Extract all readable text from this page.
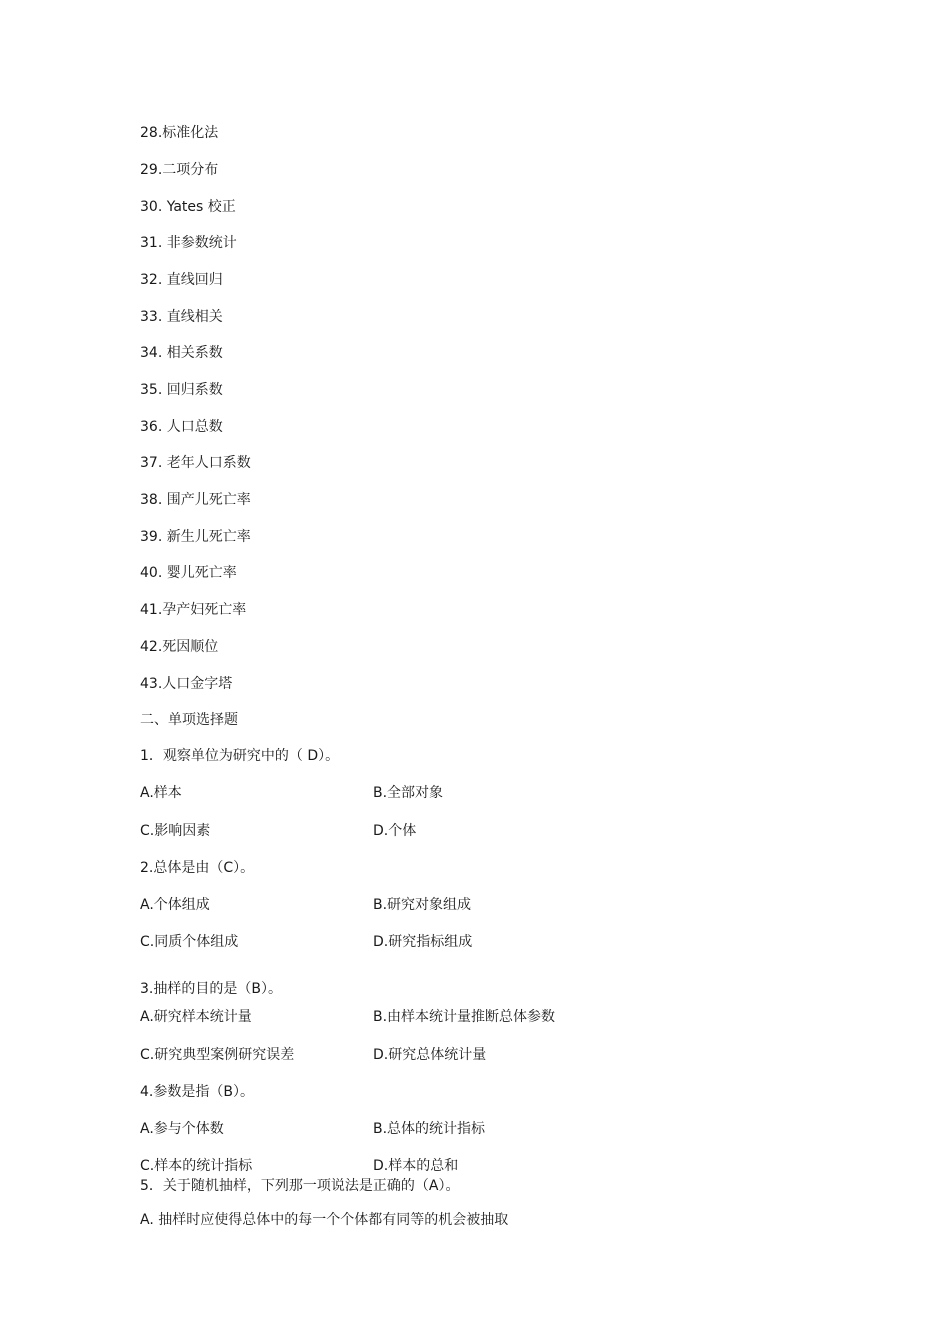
28.标准化法
29.二项分布
30. Yates 校正
31. 非参数统计
32. 直线回归
33. 直线相关
34. 相关系数
35. 回归系数
36. 人口总数
37. 老年人口系数
38. 围产儿死亡率
39. 新生儿死亡率
40. 婴儿死亡率
41.孕产妇死亡率
42.死因顺位
43.人口金字塔
二、单项选择题
1．观察单位为研究中的（ D）。
A.样本	B.全部对象
C.影响因素	D.个体
2.总体是由（C）。
A.个体组成	B.研究对象组成
C.同质个体组成	D.研究指标组成
3.抽样的目的是（B）。
A.研究样本统计量	B.由样本统计量推断总体参数
C.研究典型案例研究误差	D.研究总体统计量
4.参数是指（B）。
A.参与个体数	B.总体的统计指标
C.样本的统计指标	D.样本的总和
5．关于随机抽样，下列那一项说法是正确的（A）。
A. 抽样时应使得总体中的每一个个体都有同等的机会被抽取
